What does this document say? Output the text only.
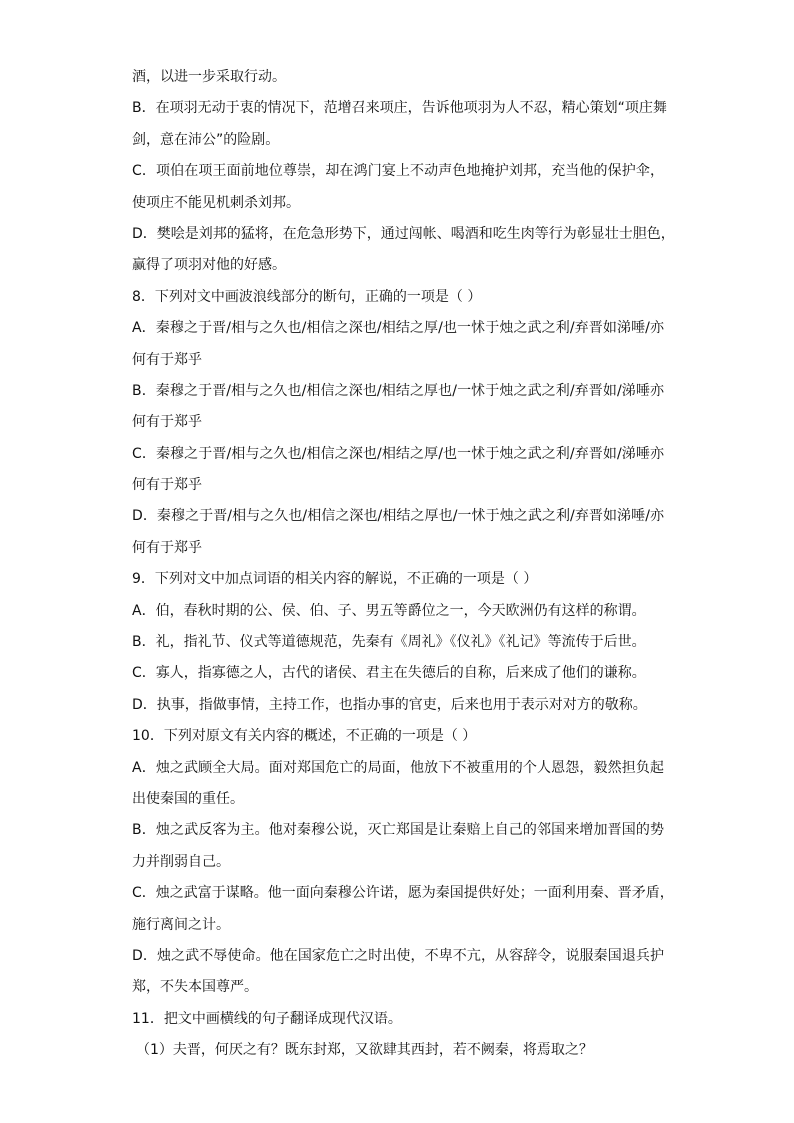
酒，以进一步采取行动。
B．在项羽无动于衷的情况下，范增召来项庄，告诉他项羽为人不忍，精心策划“项庄舞
剑，意在沛公”的险剧。
C．项伯在项王面前地位尊崇，却在鸿门宴上不动声色地掩护刘邦，充当他的保护伞，
使项庄不能见机刺杀刘邦。
D．樊哙是刘邦的猛将，在危急形势下，通过闯帐、喝酒和吃生肉等行为彰显壮士胆色，
赢得了项羽对他的好感。
8．下列对文中画波浪线部分的断句，正确的一项是（ ）
A．秦穆之于晋/相与之久也/相信之深也/相结之厚/也一怵于烛之武之利/弃晋如涕唾/亦
何有于郑乎
B．秦穆之于晋/相与之久也/相信之深也/相结之厚也/一怵于烛之武之利/弃晋如/涕唾亦
何有于郑乎
C．秦穆之于晋/相与之久也/相信之深也/相结之厚/也一怵于烛之武之利/弃晋如/涕唾亦
何有于郑乎
D．秦穆之于晋/相与之久也/相信之深也/相结之厚也/一怵于烛之武之利/弃晋如涕唾/亦
何有于郑乎
9．下列对文中加点词语的相关内容的解说，不正确的一项是（ ）
A．伯，春秋时期的公、侯、伯、子、男五等爵位之一，今天欧洲仍有这样的称谓。
B．礼，指礼节、仪式等道德规范，先秦有《周礼》《仪礼》《礼记》等流传于后世。
C．寡人，指寡德之人，古代的诸侯、君主在失德后的自称，后来成了他们的谦称。
D．执事，指做事情，主持工作，也指办事的官吏，后来也用于表示对对方的敬称。
10．下列对原文有关内容的概述，不正确的一项是（ ）
A．烛之武顾全大局。面对郑国危亡的局面，他放下不被重用的个人恩怨，毅然担负起
出使秦国的重任。
B．烛之武反客为主。他对秦穆公说，灭亡郑国是让秦赔上自己的邻国来增加晋国的势
力并削弱自己。
C．烛之武富于谋略。他一面向秦穆公许诺，愿为秦国提供好处；一面利用秦、晋矛盾，
施行离间之计。
D．烛之武不辱使命。他在国家危亡之时出使，不卑不亢，从容辞令，说服秦国退兵护
郑，不失本国尊严。
11．把文中画横线的句子翻译成现代汉语。
（1）夫晋，何厌之有？既东封郑，又欲肆其西封，若不阙秦，将焉取之？
